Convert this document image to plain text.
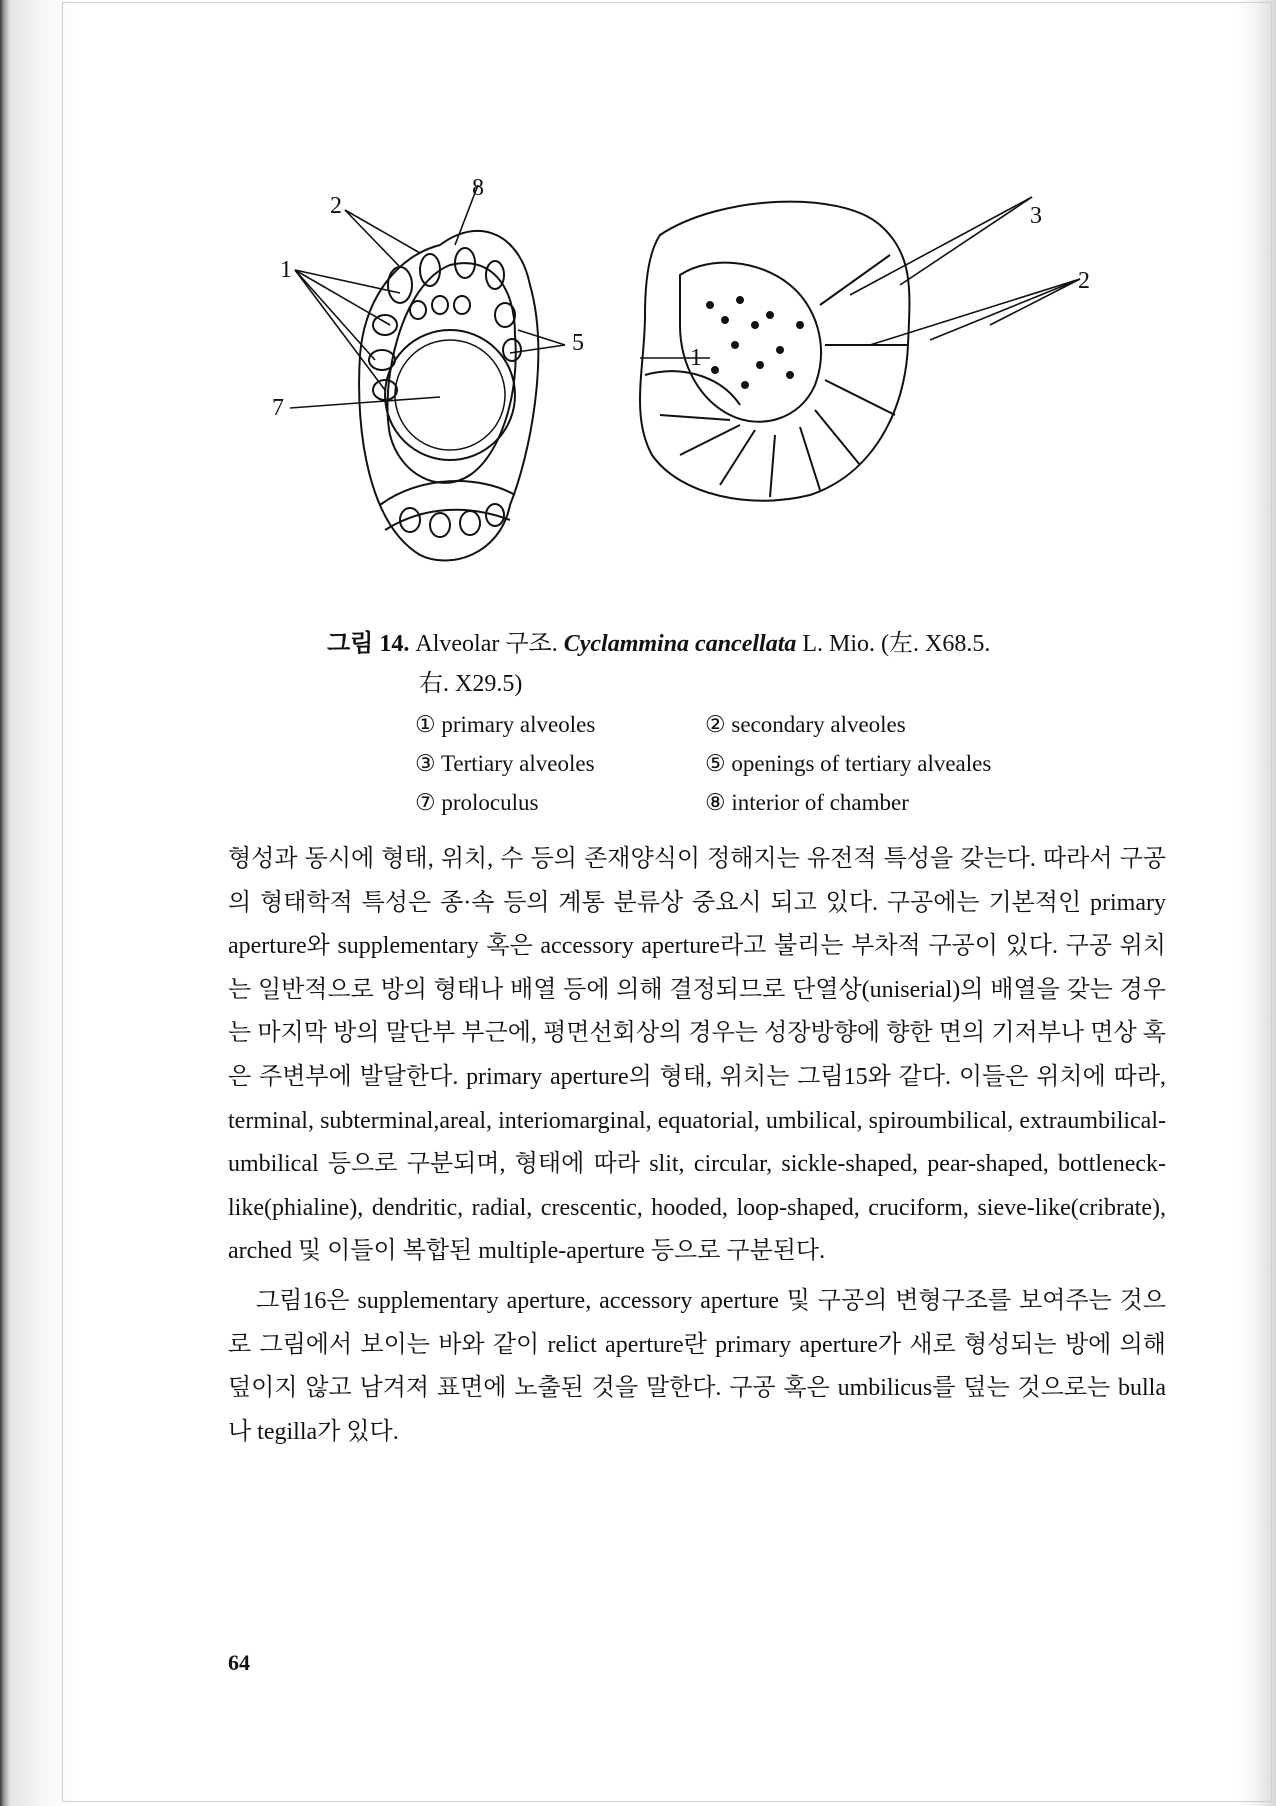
8
2
1
5
7
3
2
1
그림 14. Alveolar 구조. Cyclammina cancellata L. Mio. (左. X68.5.
右. X29.5)
① primary alveoles	② secondary alveoles
③ Tertiary alveoles	⑤ openings of tertiary alveales
⑦ proloculus	⑧ interior of chamber

형성과 동시에 형태, 위치, 수 등의 존재양식이 정해지는 유전적 특성을 갖는다. 따라서 구공의 형태학적 특성은 종·속 등의 계통 분류상 중요시 되고 있다. 구공에는 기본적인 primary aperture와 supplementary 혹은 accessory aperture라고 불리는 부차적 구공이 있다. 구공 위치는 일반적으로 방의 형태나 배열 등에 의해 결정되므로 단열상(uniserial)의 배열을 갖는 경우는 마지막 방의 말단부 부근에, 평면선회상의 경우는 성장방향에 향한 면의 기저부나 면상 혹은 주변부에 발달한다. primary aperture의 형태, 위치는 그림15와 같다. 이들은 위치에 따라, terminal, subterminal,areal, interiomarginal, equatorial, umbilical, spiroumbilical, extraumbilical-umbilical 등으로 구분되며, 형태에 따라 slit, circular, sickle-shaped, pear-shaped, bottleneck-like(phialine), dendritic, radial, crescentic, hooded, loop-shaped, cruciform, sieve-like(cribrate), arched 및 이들이 복합된 multiple-aperture 등으로 구분된다.

그림16은 supplementary aperture, accessory aperture 및 구공의 변형구조를 보여주는 것으로 그림에서 보이는 바와 같이 relict aperture란 primary aperture가 새로 형성되는 방에 의해 덮이지 않고 남겨져 표면에 노출된 것을 말한다. 구공 혹은 umbilicus를 덮는 것으로는 bulla나 tegilla가 있다.

64
